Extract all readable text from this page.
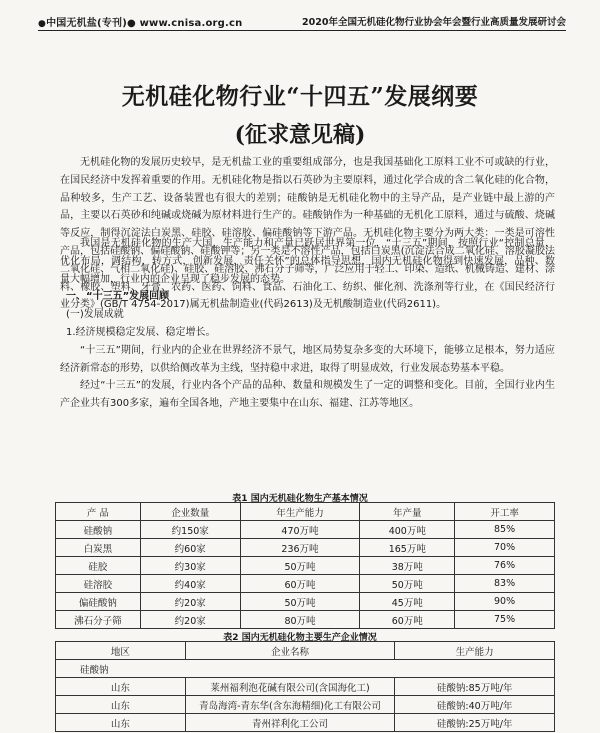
●中国无机盐(专刊)● www.cnisa.org.cn	2020年全国无机硅化物行业协会年会暨行业高质量发展研讨会
无机硅化物行业“十四五”发展纲要
(征求意见稿)

无机硅化物的发展历史较早，是无机盐工业的重要组成部分，也是我国基础化工原料工业不可或缺的行业，在国民经济中发挥着重要的作用。无机硅化物是指以石英砂为主要原料，通过化学合成的含二氧化硅的化合物，品种较多，生产工艺、设备装置也有很大的差别；硅酸钠是无机硅化物中的主导产品，是产业链中最上游的产品，主要以石英砂和纯碱或烧碱为原材料进行生产的。硅酸钠作为一种基础的无机化工原料，通过与硫酸、烧碱等反应，制得沉淀法白炭黑、硅胶、硅溶胶、偏硅酸钠等下游产品。无机硅化物主要分为两大类：一类是可溶性产品，包括硅酸钠、偏硅酸钠、硅酸钾等；另一类是不溶性产品，包括白炭黑(沉淀法合成二氧化硅、溶胶凝胶法二氧化硅、气相二氧化硅)、硅胶、硅溶胶、沸石分子筛等，广泛应用于轻工、印染、造纸、机械铸造、建材、涂料、橡胶、塑料、牙膏、农药、医药、饲料、食品、石油化工、纺织、催化剂、洗涤剂等行业，在《国民经济行业分类》(GB/T 4754-2017)属无机盐制造业(代码2613)及无机酸制造业(代码2611)。

我国是无机硅化物的生产大国，生产能力和产量已跃居世界第一位，“十三五”期间，按照行业“控制总量，优化布局，调结构，转方式，创新发展，责任关怀”的总体指导思想，国内无机硅化物得到快速发展，品种、数量大幅增加，行业内的企业呈现了稳步发展的态势。

一、“十三五”发展回顾

(一)发展成就

1.经济规模稳定发展、稳定增长。

“十三五”期间，行业内的企业在世界经济不景气，地区局势复杂多变的大环境下，能够立足根本，努力适应经济新常态的形势，以供给侧改革为主线，坚持稳中求进，取得了明显成效，行业发展态势基本平稳。

经过“十三五”的发展，行业内各个产品的品种、数量和规模发生了一定的调整和变化。目前，全国行业内生产企业共有300多家，遍布全国各地，产地主要集中在山东、福建、江苏等地区。

表1 国内无机硅化物生产基本情况
产 品	企业数量	年生产能力	年产量	开工率
硅酸钠	约150家	470万吨	400万吨	85%
白炭黑	约60家	236万吨	165万吨	70%
硅胶	约30家	50万吨	38万吨	76%
硅溶胶	约40家	60万吨	50万吨	83%
偏硅酸钠	约20家	50万吨	45万吨	90%
沸石分子筛	约20家	80万吨	60万吨	75%
表2 国内无机硅化物主要生产企业情况
地区	企业名称	生产能力
硅酸钠		
山东	莱州福利泡花碱有限公司(含国海化工)	硅酸钠:85万吨/年
山东	青岛海湾-青东华(含东海精细)化工有限公司	硅酸钠:40万吨/年
山东	青州祥利化工公司	硅酸钠:25万吨/年
